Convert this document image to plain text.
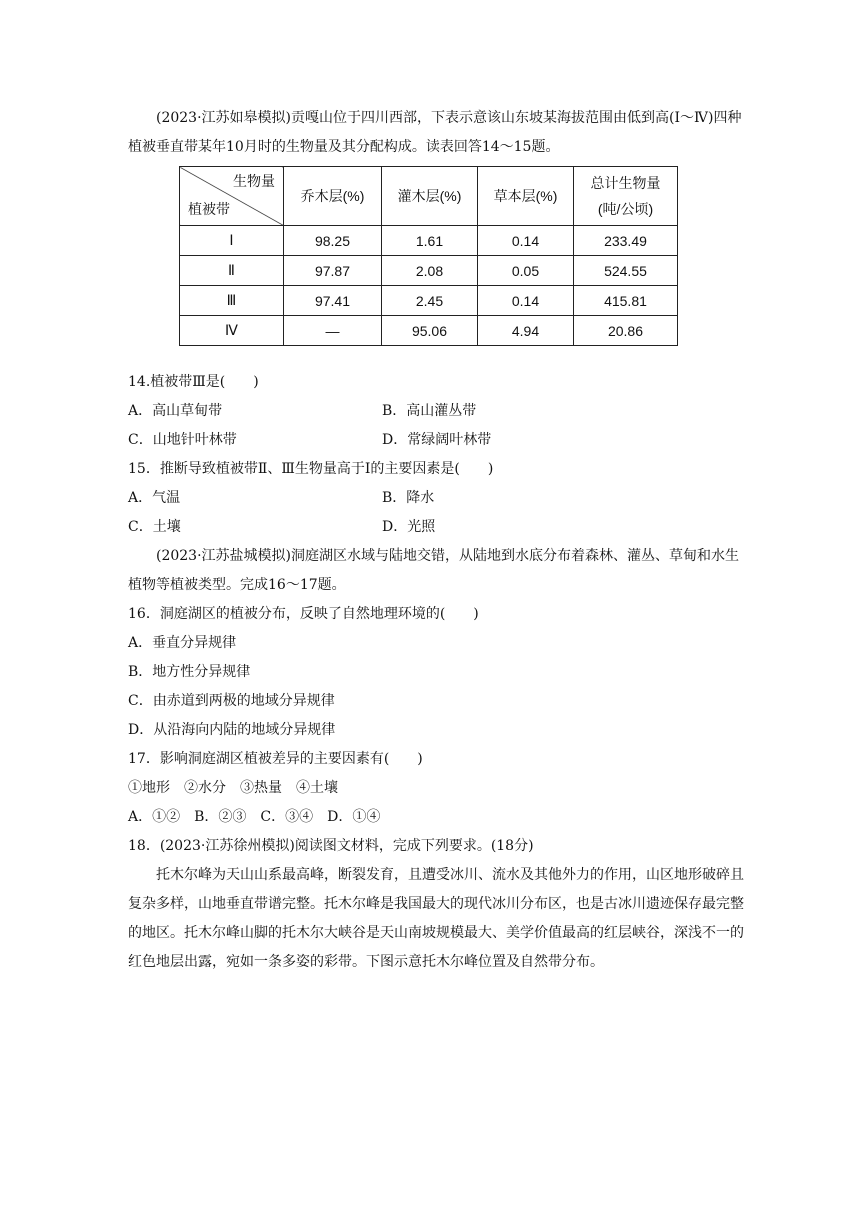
(2023·江苏如皋模拟)贡嘎山位于四川西部，下表示意该山东坡某海拔范围由低到高(Ⅰ～Ⅳ)四种植被垂直带某年10月时的生物量及其分配构成。读表回答14～15题。

生物量
植被带	乔木层(%)	灌木层(%)	草本层(%)	总计生物量
(吨/公顷)
Ⅰ	98.25	1.61	0.14	233.49
Ⅱ	97.87	2.08	0.05	524.55
Ⅲ	97.41	2.45	0.14	415.81
Ⅳ	—	95.06	4.94	20.86
14.植被带Ⅲ是(　　)
A．高山草甸带	B．高山灌丛带
C．山地针叶林带	D．常绿阔叶林带
15．推断导致植被带Ⅱ、Ⅲ生物量高于Ⅰ的主要因素是(　　)
A．气温	B．降水
C．土壤	D．光照

(2023·江苏盐城模拟)洞庭湖区水域与陆地交错，从陆地到水底分布着森林、灌丛、草甸和水生植物等植被类型。完成16～17题。

16．洞庭湖区的植被分布，反映了自然地理环境的(　　)
A．垂直分异规律
B．地方性分异规律
C．由赤道到两极的地域分异规律
D．从沿海向内陆的地域分异规律
17．影响洞庭湖区植被差异的主要因素有(　　)
①地形　②水分　③热量　④土壤
A．①②　B．②③　C．③④　D．①④
18．(2023·江苏徐州模拟)阅读图文材料，完成下列要求。(18分)

托木尔峰为天山山系最高峰，断裂发育，且遭受冰川、流水及其他外力的作用，山区地形破碎且复杂多样，山地垂直带谱完整。托木尔峰是我国最大的现代冰川分布区，也是古冰川遗迹保存最完整的地区。托木尔峰山脚的托木尔大峡谷是天山南坡规模最大、美学价值最高的红层峡谷，深浅不一的红色地层出露，宛如一条多姿的彩带。下图示意托木尔峰位置及自然带分布。
